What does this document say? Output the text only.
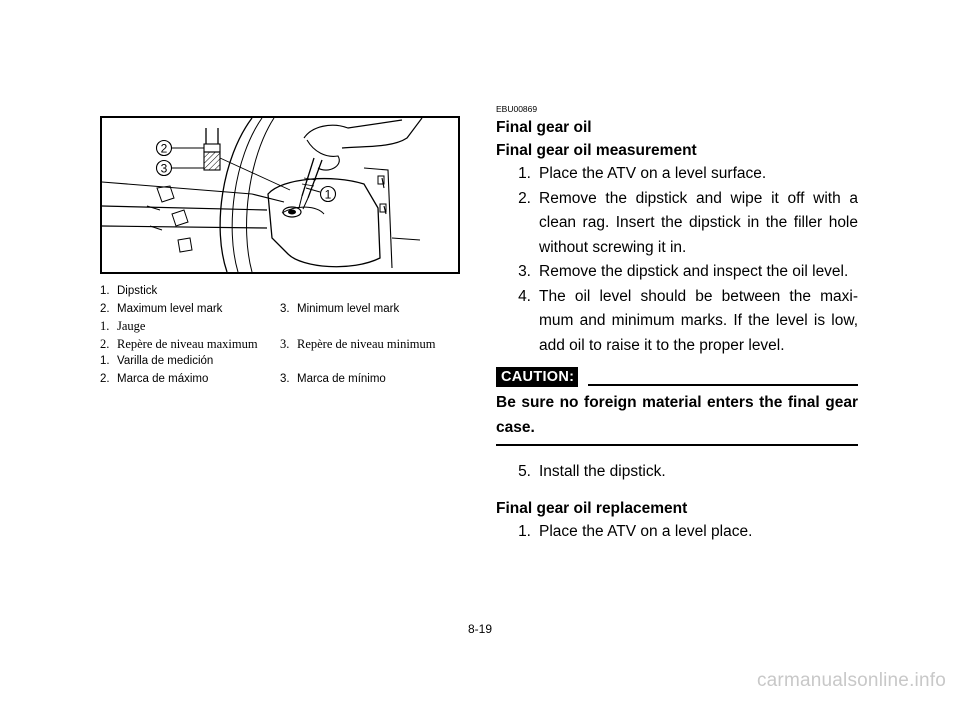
2
3
1
1. Dipstick
2. Maximum level mark	3. Minimum level mark
1. Jauge
2. Repère de niveau maximum	3. Repère de niveau minimum
1. Varilla de medición
2. Marca de máximo	3. Marca de mínimo
EBU00869
Final gear oil
Final gear oil measurement
1. Place the ATV on a level surface.
2. Remove the dipstick and wipe it off with a clean rag. Insert the dipstick in the filler hole without screwing it in.
3. Remove the dipstick and inspect the oil level.
4. The oil level should be between the maxi-mum and minimum marks. If the level is low, add oil to raise it to the proper level.
CAUTION:
Be sure no foreign material enters the final gear case.
5. Install the dipstick.
Final gear oil replacement
1. Place the ATV on a level place.
8-19
carmanualsonline.info
